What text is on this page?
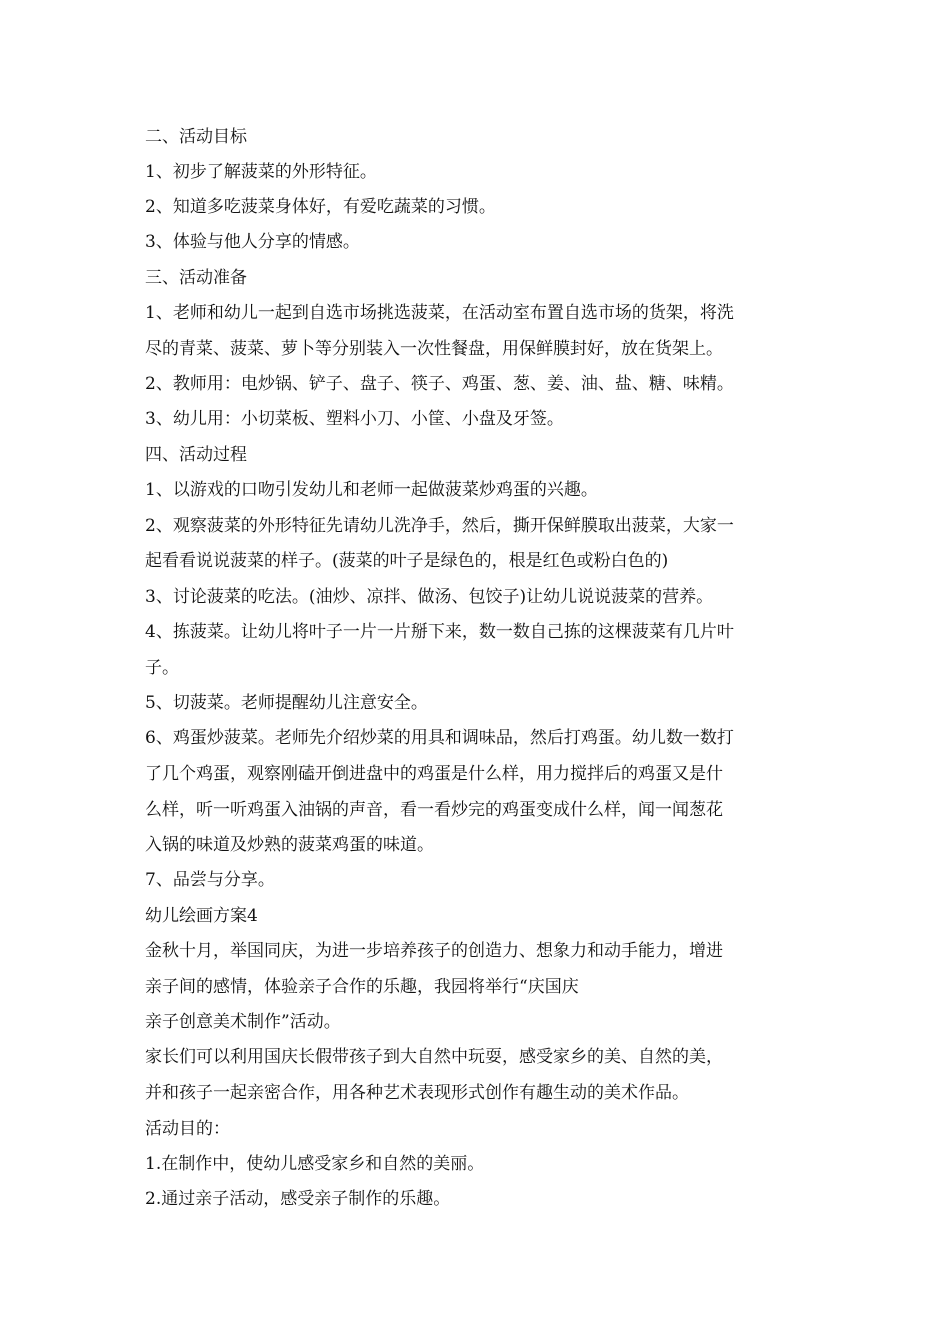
二、活动目标

1、初步了解菠菜的外形特征。

2、知道多吃菠菜身体好，有爱吃蔬菜的习惯。

3、体验与他人分享的情感。

三、活动准备

1、老师和幼儿一起到自选市场挑选菠菜，在活动室布置自选市场的货架，将洗

尽的青菜、菠菜、萝卜等分别装入一次性餐盘，用保鲜膜封好，放在货架上。

2、教师用：电炒锅、铲子、盘子、筷子、鸡蛋、葱、姜、油、盐、糖、味精。

3、幼儿用：小切菜板、塑料小刀、小筐、小盘及牙签。

四、活动过程

1、以游戏的口吻引发幼儿和老师一起做菠菜炒鸡蛋的兴趣。

2、观察菠菜的外形特征先请幼儿洗净手，然后，撕开保鲜膜取出菠菜，大家一

起看看说说菠菜的样子。(菠菜的叶子是绿色的，根是红色或粉白色的)

3、讨论菠菜的吃法。(油炒、凉拌、做汤、包饺子)让幼儿说说菠菜的营养。

4、拣菠菜。让幼儿将叶子一片一片掰下来，数一数自己拣的这棵菠菜有几片叶

子。

5、切菠菜。老师提醒幼儿注意安全。

6、鸡蛋炒菠菜。老师先介绍炒菜的用具和调味品，然后打鸡蛋。幼儿数一数打

了几个鸡蛋，观察刚磕开倒进盘中的鸡蛋是什么样，用力搅拌后的鸡蛋又是什

么样，听一听鸡蛋入油锅的声音，看一看炒完的鸡蛋变成什么样，闻一闻葱花

入锅的味道及炒熟的菠菜鸡蛋的味道。

7、品尝与分享。

幼儿绘画方案4

金秋十月，举国同庆，为进一步培养孩子的创造力、想象力和动手能力，增进

亲子间的感情，体验亲子合作的乐趣，我园将举行“庆国庆

亲子创意美术制作”活动。

家长们可以利用国庆长假带孩子到大自然中玩耍，感受家乡的美、自然的美，

并和孩子一起亲密合作，用各种艺术表现形式创作有趣生动的美术作品。

活动目的：

1.在制作中，使幼儿感受家乡和自然的美丽。

2.通过亲子活动，感受亲子制作的乐趣。
